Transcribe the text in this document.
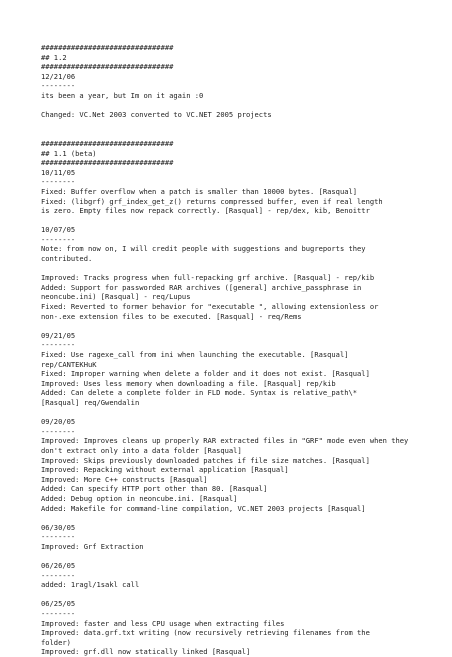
###############################
## 1.2
###############################
12/21/06
--------
its been a year, but Im on it again :0
Changed: VC.Net 2003 converted to VC.NET 2005 projects
###############################
## 1.1 (beta)
###############################
10/11/05
--------
Fixed: Buffer overflow when a patch is smaller than 10000 bytes. [Rasqual]
Fixed: (libgrf) grf_index_get_z() returns compressed buffer, even if real length
is zero. Empty files now repack correctly. [Rasqual] - rep/dex, kib, Benoittr
10/07/05
--------
Note: from now on, I will credit people with suggestions and bugreports they
contributed.
Improved: Tracks progress when full-repacking grf archive. [Rasqual] - rep/kib
Added: Support for passworded RAR archives ([general] archive_passphrase in
neoncube.ini) [Rasqual] - req/Lupus
Fixed: Reverted to former behavior for "executable ", allowing extensionless or
non-.exe extension files to be executed. [Rasqual] - req/Rems
09/21/05
--------
Fixed: Use ragexe_call from ini when launching the executable. [Rasqual]
rep/CANTEKHuK
Fixed: Improper warning when delete a folder and it does not exist. [Rasqual]
Improved: Uses less memory when downloading a file. [Rasqual] rep/kib
Added: Can delete a complete folder in FLD mode. Syntax is relative_path\*
[Rasqual] req/Gwendalin
09/20/05
--------
Improved: Improves cleans up properly RAR extracted files in "GRF" mode even when they
don't extract only into a data folder [Rasqual]
Improved: Skips previously downloaded patches if file size matches. [Rasqual]
Improved: Repacking without external application [Rasqual]
Improved: More C++ constructs [Rasqual]
Added: Can specify HTTP port other than 80. [Rasqual]
Added: Debug option in neoncube.ini. [Rasqual]
Added: Makefile for command-line compilation, VC.NET 2003 projects [Rasqual]
06/30/05
--------
Improved: Grf Extraction
06/26/05
--------
added: 1ragl/1sakl call
06/25/05
--------
Improved: faster and less CPU usage when extracting files
Improved: data.grf.txt writing (now recursively retrieving filenames from the
folder)
Improved: grf.dll now statically linked [Rasqual]
